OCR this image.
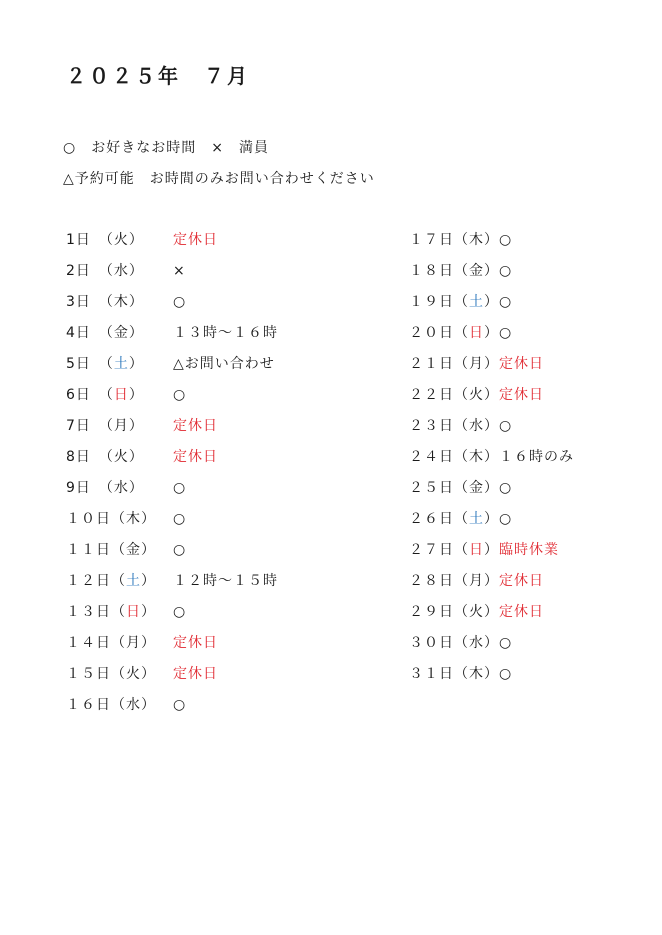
２０２５年　７月
○　お好きなお時間　×　満員
△予約可能　お時間のみお問い合わせください
1日　（火） 定休日
2日　（水） ×
3日　（木） ○
4日　（金） １３時～１６時
5日　（土） △お問い合わせ
6日　（日） ○
7日　（月） 定休日
8日　（火） 定休日
9日　（水） ○
１０日（木） ○
１１日（金） ○
１２日（土） １２時～１５時
１３日（日） ○
１４日（月） 定休日
１５日（火） 定休日
１６日（水） ○
１７日（木） ○
１８日（金） ○
１９日（土） ○
２０日（日） ○
２１日（月） 定休日
２２日（火） 定休日
２３日（水） ○
２４日（木） １６時のみ
２５日（金） ○
２６日（土） ○
２７日（日） 臨時休業
２８日（月） 定休日
２９日（火） 定休日
３０日（水） ○
３１日（木） ○
